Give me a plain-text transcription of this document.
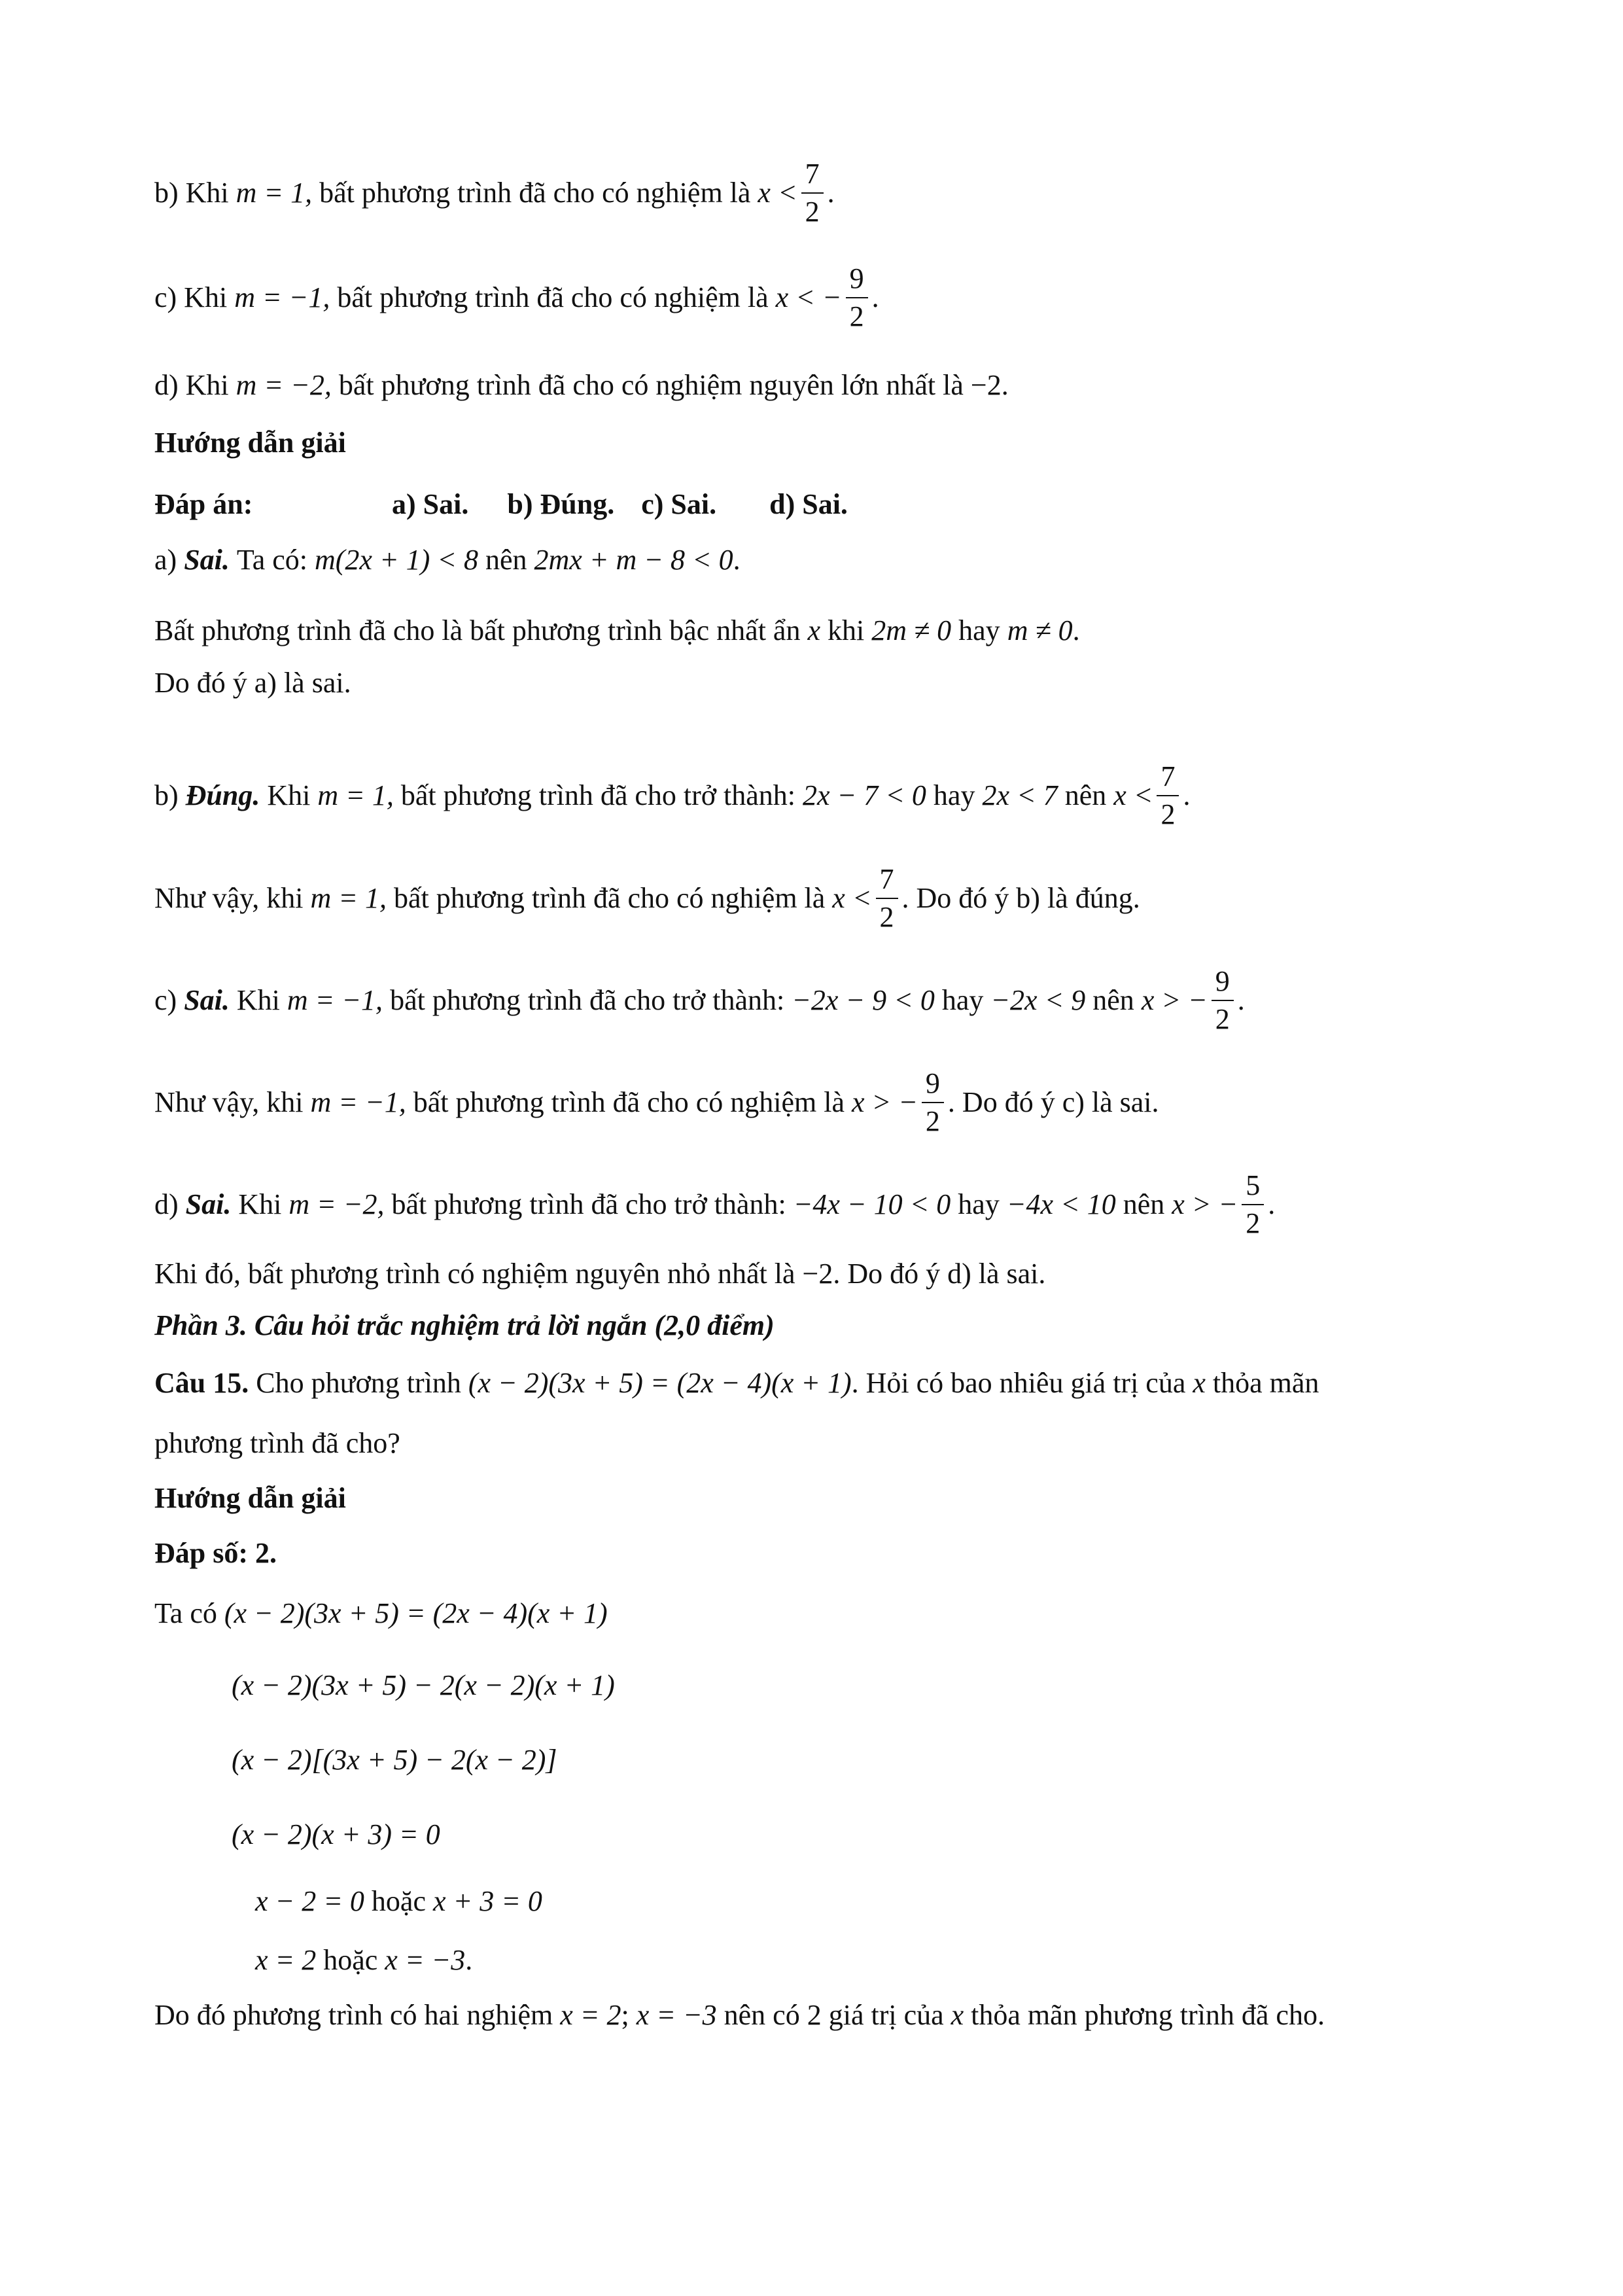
b) Khi m = 1, bất phương trình đã cho có nghiệm là $x < \frac{7}{2}$ .
c) Khi m = −1, bất phương trình đã cho có nghiệm là x < − $\frac{9}{2}$ .
d) Khi m = −2, bất phương trình đã cho có nghiệm nguyên lớn nhất là −2.
Hướng dẫn giải
Đáp án:	a) Sai. b) Đúng. c) Sai. d) Sai.
a) Sai. Ta có: m(2x + 1) < 8 nên 2mx + m − 8 < 0.
Bất phương trình đã cho là bất phương trình bậc nhất ẩn x khi 2m ≠ 0 hay m ≠ 0.
Do đó ý a) là sai.
b) Đúng. Khi m = 1, bất phương trình đã cho trở thành: 2x − 7 < 0 hay 2x < 7 nên $x < \frac{7}{2}$ .
Như vậy, khi m = 1, bất phương trình đã cho có nghiệm là $x < \frac{7}{2}$ . Do đó ý b) là đúng.
c) Sai. Khi m = −1, bất phương trình đã cho trở thành: −2x − 9 < 0 hay −2x < 9 nên x > − $\frac{9}{2}$ .
Như vậy, khi m = −1, bất phương trình đã cho có nghiệm là x > − $\frac{9}{2}$ . Do đó ý c) là sai.
d) Sai. Khi m = −2, bất phương trình đã cho trở thành: −4x − 10 < 0 hay −4x < 10 nên x > − $\frac{5}{2}$ .
Khi đó, bất phương trình có nghiệm nguyên nhỏ nhất là −2. Do đó ý d) là sai.
Phần 3. Câu hỏi trắc nghiệm trả lời ngắn (2,0 điểm)
Câu 15. Cho phương trình (x − 2)(3x + 5) = (2x − 4)(x + 1). Hỏi có bao nhiêu giá trị của x thỏa mãn
phương trình đã cho?
Hướng dẫn giải
Đáp số: 2.
Ta có (x − 2)(3x + 5) = (2x − 4)(x + 1)
(x − 2)(3x + 5) − 2(x − 2)(x + 1)
(x − 2)[(3x + 5) − 2(x − 2)]
(x − 2)(x + 3) = 0
x − 2 = 0 hoặc x + 3 = 0
x = 2 hoặc x = −3.
Do đó phương trình có hai nghiệm x = 2; x = −3 nên có 2 giá trị của x thỏa mãn phương trình đã cho.
